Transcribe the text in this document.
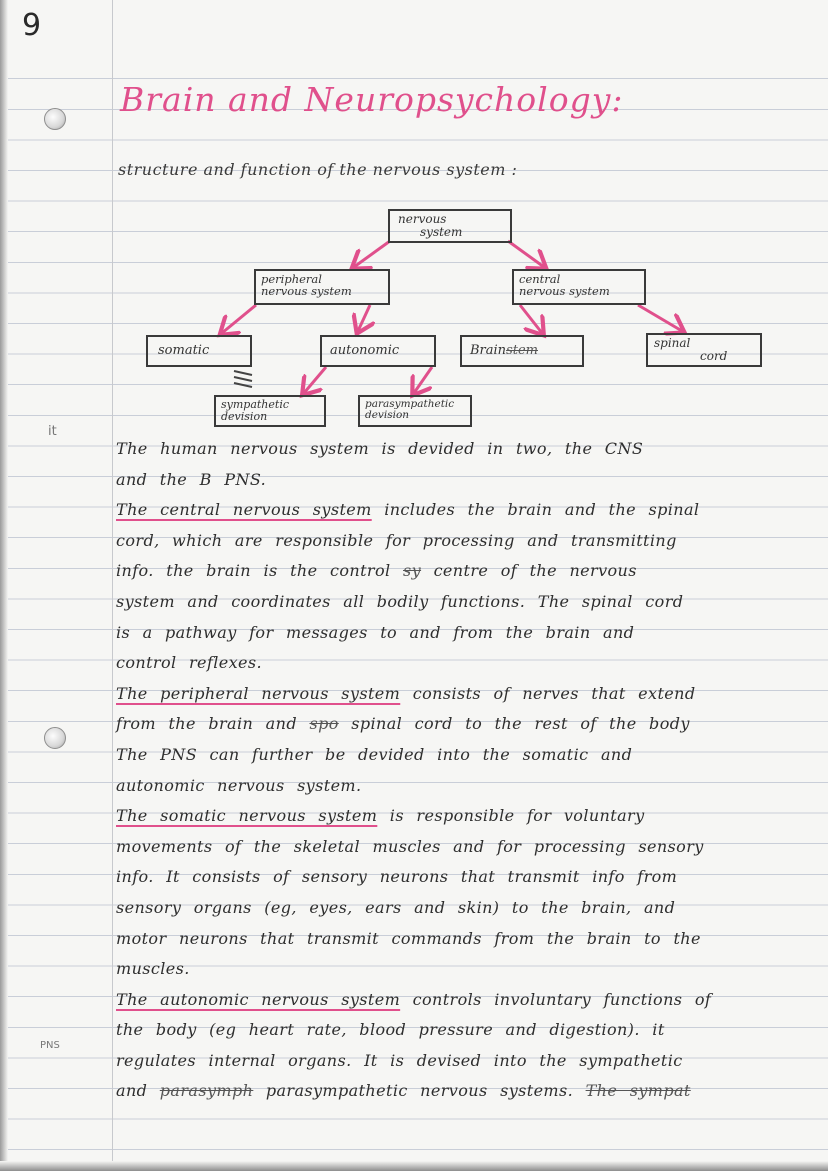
9
it
PNS
Brain and Neuropsychology:
structure and function of the nervous system :
nervous
system
peripheral
nervous system
central
nervous system
somatic	autonomic	Brainstem	spinal
cord
sympathetic
devision
parasympathetic
devision
The human nervous system is devided in two, the CNS
and the B PNS.
The central nervous system includes the brain and the spinal
cord, which are responsible for processing and transmitting
info. the brain is the control sy centre of the nervous
system and coordinates all bodily functions. The spinal cord
is a pathway for messages to and from the brain and
control reflexes.
The peripheral nervous system consists of nerves that extend
from the brain and spo spinal cord to the rest of the body
The PNS can further be devided into the somatic and
autonomic nervous system.
The somatic nervous system is responsible for voluntary
movements of the skeletal muscles and for processing sensory
info. It consists of sensory neurons that transmit info from
sensory organs (eg, eyes, ears and skin) to the brain, and
motor neurons that transmit commands from the brain to the
muscles.
The autonomic nervous system controls involuntary functions of
the body (eg heart rate, blood pressure and digestion). it
regulates internal organs. It is devised into the sympathetic
and parasymph parasympathetic nervous systems. The sympat
